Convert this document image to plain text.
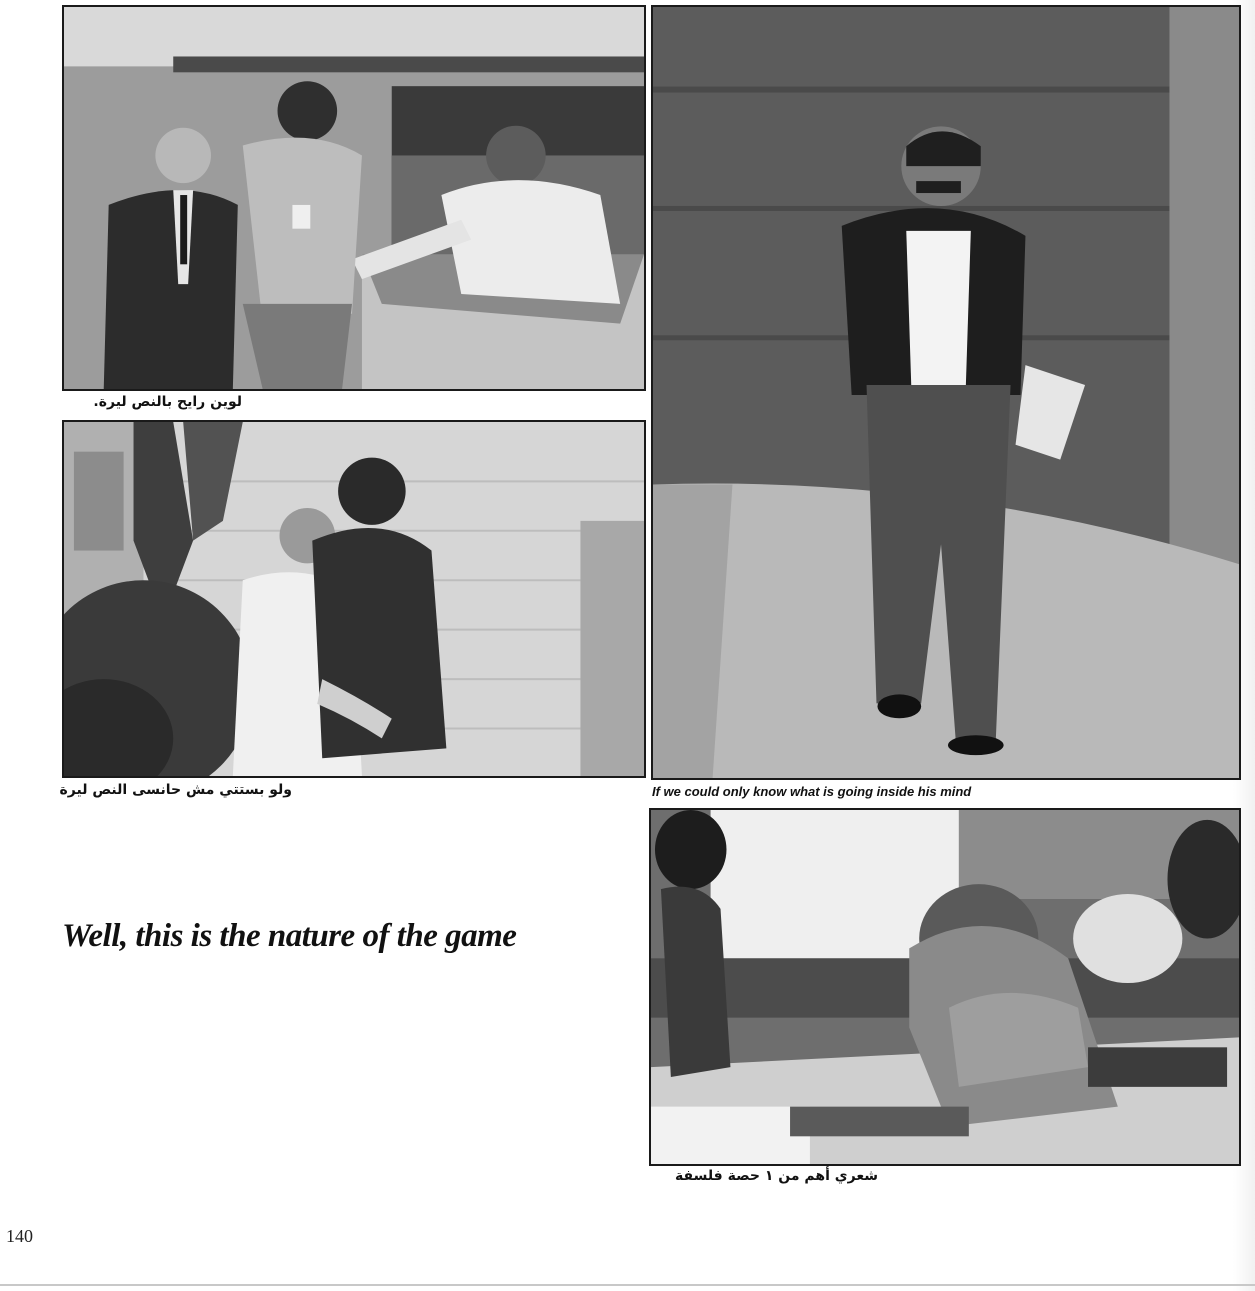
لوين رايح بالنص ليرة.
ولو بستتي مش حانسى النص ليرة	If we could only know what is going inside his mind
Well, this is the nature of the game
شعري أهم من ١ حصة فلسفة
140
